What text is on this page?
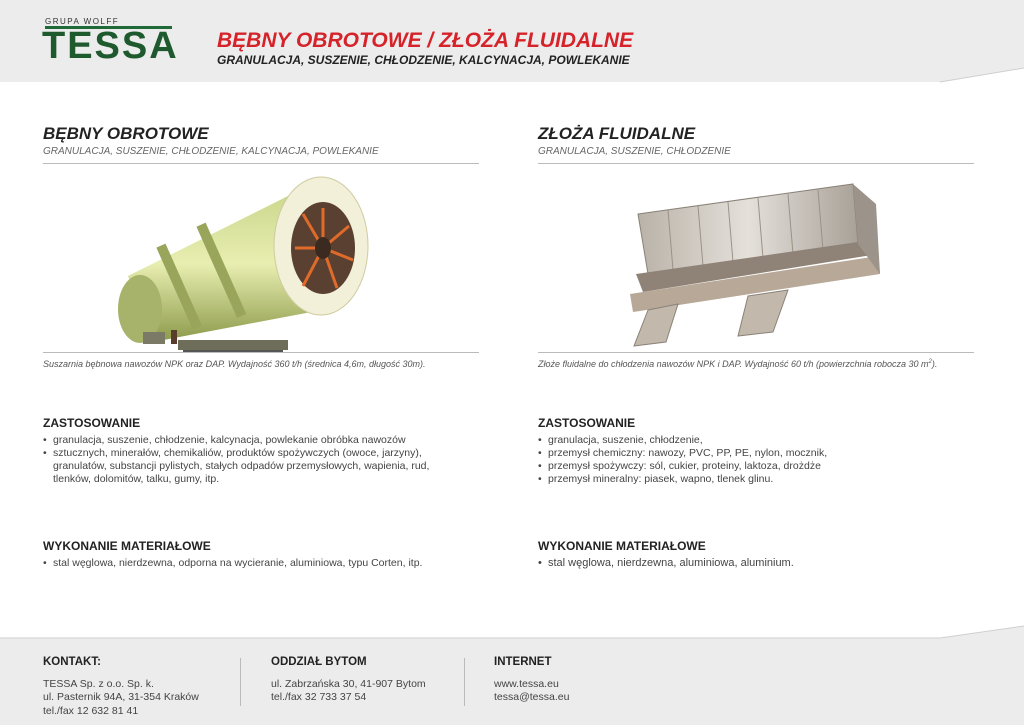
GRUPA WOLFF
TESSA BĘBNY OBROTOWE / ZŁOŻA FLUIDALNE
GRANULACJA, SUSZENIE, CHŁODZENIE, KALCYNACJA, POWLEKANIE
BĘBNY OBROTOWE
GRANULACJA, SUSZENIE, CHŁODZENIE, KALCYNACJA, POWLEKANIE
Suszarnia bębnowa nawozów NPK oraz DAP. Wydajność 360 t/h (średnica 4,6m, długość 30m).
ZASTOSOWANIE
• granulacja, suszenie, chłodzenie, kalcynacja, powlekanie obróbka nawozów
• sztucznych, minerałów, chemikaliów, produktów spożywczych (owoce, jarzyny),
granulatów, substancji pylistych, stałych odpadów przemysłowych, wapienia, rud,
tlenków, dolomitów, talku, gumy, itp.
WYKONANIE MATERIAŁOWE
• stal węglowa, nierdzewna, odporna na wycieranie, aluminiowa, typu Corten, itp.
ZŁOŻA FLUIDALNE
GRANULACJA, SUSZENIE, CHŁODZENIE
Złoże fluidalne do chłodzenia nawozów NPK i DAP. Wydajność 60 t/h (powierzchnia robocza 30 $m^2$).
ZASTOSOWANIE
• granulacja, suszenie, chłodzenie,
• przemysł chemiczny: nawozy, PVC, PP, PE, nylon, mocznik,
• przemysł spożywczy: sól, cukier, proteiny, laktoza, drożdże
• przemysł mineralny: piasek, wapno, tlenek glinu.
WYKONANIE MATERIAŁOWE
• stal węglowa, nierdzewna, aluminiowa, aluminium.
KONTAKT:
TESSA Sp. z o.o. Sp. k.
ul. Pasternik 94A, 31-354 Kraków
tel./fax 12 632 81 41
ODDZIAŁ BYTOM
ul. Zabrzańska 30, 41-907 Bytom
tel./fax 32 733 37 54
INTERNET
www.tessa.eu
tessa@tessa.eu
